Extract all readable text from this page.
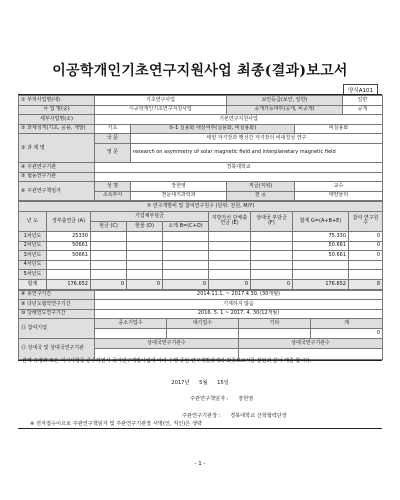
이공학개인기초연구지원사업 최종(결과)보고서
양식A101
① 부처사업명(대)	기초연구사업		보안등급(보안, 일반)		일반
사 업 명(중)	이공학개인기초연구지원사업		공개가능여부(공개, 비공개)		공개
세부사업명(소)	기본연구지원사업				
② 과제성격(기초, 응용, 개발)	기초	②-1 실용화 대상여부(실용화, 비실용화)		비실용화	
③ 과 제 명	국 문	태양 자기장과 행성간 자기장의 비대칭성 연구			
	영 문	research on asymmetry of solar magnetic field and interplanetary magnetic field			
④ 주관연구기관	경북대학교				
⑤ 협동연구기관					
⑥ 주관연구책임자	성 명	장헌영	직급(직위)	교수	
	소속부서	천문대기과학과	전 공	태양물리	
⑦ 연구개발비 및 참여연구원수 (단위: 천원, M/Y)								
년 도	정부출연금 (A)	기업체부담금			지방자치 단체출연금 (E)	상대국 부담금 (F)	합계 G=(A+B+E)	참여 연구원수
		현금 (C)	현물 (D)	소계 B=(C+D)				
1차년도	25330						75.330	0
2차년도	50661						50.661	0
3차년도	50661						50.661	0
4차년도								
5차년도								
합계	176.652	0	0	0	0	0	176.652	8
⑧ 총연구기간	2014.11.1. ~ 2017.4.30. (30개월)			
⑨ 다년도협약연구기간	기재하지 않음			
⑩ 당해연도연구기간	2016. 5. 1 ~ 2017. 4. 30(12개월)			
⑪ 참여기업	중소기업수	대기업수	기타	계
				0
⑫ 상대국 및 상대국연구기관	상대국연구기관수		상대국연구기관수	

관계 규정과 모든 지시사항을 준수하면서 국가연구개발사업에 따라 수행 중인 연구개발과제의 최종보고서를 붙임과 같이 제출 합니다.
2017년 5월 15일
주관연구책임자 : 장헌영
주관연구기관장 : 경북대학교 산학협력단장
※ 전자접수이므로 주관연구책임자 및 주관연구기관장 서명(인, 직인)은 생략
- 1 -
